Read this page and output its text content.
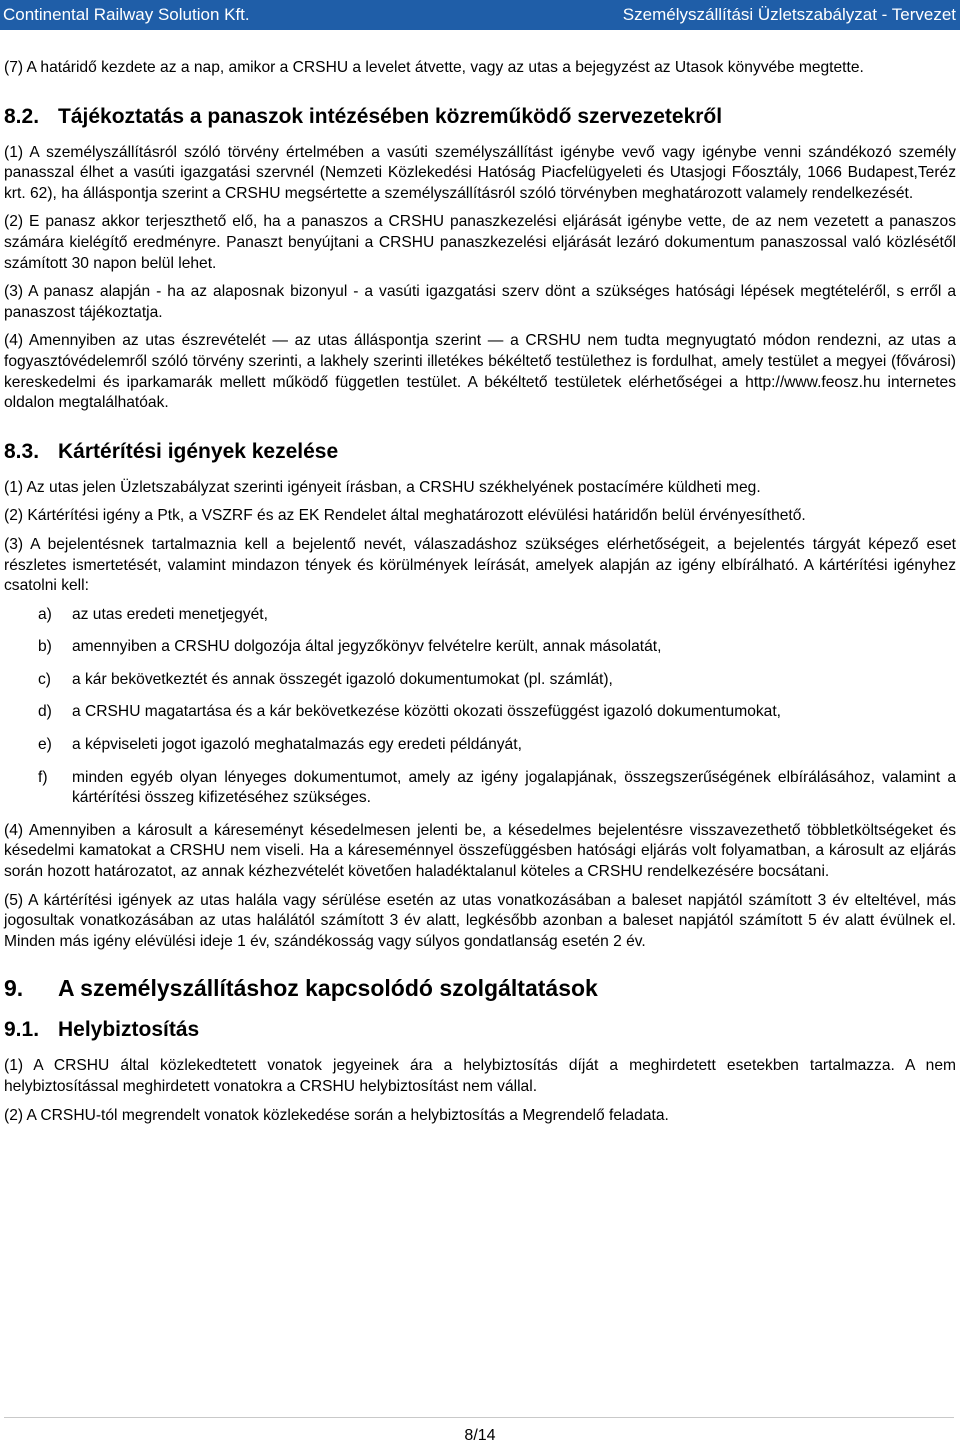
Continental Railway Solution Kft.	Személyszállítási Üzletszabályzat - Tervezet

(7) A határidő kezdete az a nap, amikor a CRSHU a levelet átvette, vagy az utas a bejegyzést az Utasok könyvébe megtette.

8.2. Tájékoztatás a panaszok intézésében közreműködő szervezetekről

(1) A személyszállításról szóló törvény értelmében a vasúti személyszállítást igénybe vevő vagy igénybe venni szándékozó személy panasszal élhet a vasúti igazgatási szervnél (Nemzeti Közlekedési Hatóság Piacfelügyeleti és Utasjogi Főosztály, 1066 Budapest,Teréz krt. 62), ha álláspontja szerint a CRSHU megsértette a személyszállításról szóló törvényben meghatározott valamely rendelkezését.

(2) E panasz akkor terjeszthető elő, ha a panaszos a CRSHU panaszkezelési eljárását igénybe vette, de az nem vezetett a panaszos számára kielégítő eredményre. Panaszt benyújtani a CRSHU panaszkezelési eljárását lezáró dokumentum panaszossal való közlésétől számított 30 napon belül lehet.

(3) A panasz alapján - ha az alaposnak bizonyul - a vasúti igazgatási szerv dönt a szükséges hatósági lépések megtételéről, s erről a panaszost tájékoztatja.

(4) Amennyiben az utas észrevételét — az utas álláspontja szerint — a CRSHU nem tudta megnyugtató módon rendezni, az utas a fogyasztóvédelemről szóló törvény szerinti, a lakhely szerinti illetékes békéltető testülethez is fordulhat, amely testület a megyei (fővárosi) kereskedelmi és iparkamarák mellett működő független testület. A békéltető testületek elérhetőségei a http://www.feosz.hu internetes oldalon megtalálhatóak.

8.3. Kártérítési igények kezelése

(1) Az utas jelen Üzletszabályzat szerinti igényeit írásban, a CRSHU székhelyének postacímére küldheti meg.

(2) Kártérítési igény a Ptk, a VSZRF és az EK Rendelet által meghatározott elévülési határidőn belül érvényesíthető.

(3) A bejelentésnek tartalmaznia kell a bejelentő nevét, válaszadáshoz szükséges elérhetőségeit, a bejelentés tárgyát képező eset részletes ismertetését, valamint mindazon tények és körülmények leírását, amelyek alapján az igény elbírálható. A kártérítési igényhez csatolni kell:

a)	az utas eredeti menetjegyét,
b)	amennyiben a CRSHU dolgozója által jegyzőkönyv felvételre került, annak másolatát,
c)	a kár bekövetkeztét és annak összegét igazoló dokumentumokat (pl. számlát),
d)	a CRSHU magatartása és a kár bekövetkezése közötti okozati összefüggést igazoló dokumentumokat,
e)	a képviseleti jogot igazoló meghatalmazás egy eredeti példányát,
f)	minden egyéb olyan lényeges dokumentumot, amely az igény jogalapjának, összegszerűségének elbírálásához, valamint a kártérítési összeg kifizetéséhez szükséges.

(4) Amennyiben a károsult a káreseményt késedelmesen jelenti be, a késedelmes bejelentésre visszavezethető többletköltségeket és késedelmi kamatokat a CRSHU nem viseli. Ha a káreseménnyel összefüggésben hatósági eljárás volt folyamatban, a károsult az eljárás során hozott határozatot, az annak kézhezvételét követően haladéktalanul köteles a CRSHU rendelkezésére bocsátani.

(5) A kártérítési igények az utas halála vagy sérülése esetén az utas vonatkozásában a baleset napjától számított 3 év elteltével, más jogosultak vonatkozásában az utas halálától számított 3 év alatt, legkésőbb azonban a baleset napjától számított 5 év alatt évülnek el. Minden más igény elévülési ideje 1 év, szándékosság vagy súlyos gondatlanság esetén 2 év.

9. A személyszállításhoz kapcsolódó szolgáltatások
9.1. Helybiztosítás

(1) A CRSHU által közlekedtetett vonatok jegyeinek ára a helybiztosítás díját a meghirdetett esetekben tartalmazza. A nem helybiztosítással meghirdetett vonatokra a CRSHU helybiztosítást nem vállal.

(2) A CRSHU-tól megrendelt vonatok közlekedése során a helybiztosítás a Megrendelő feladata.

8/14
